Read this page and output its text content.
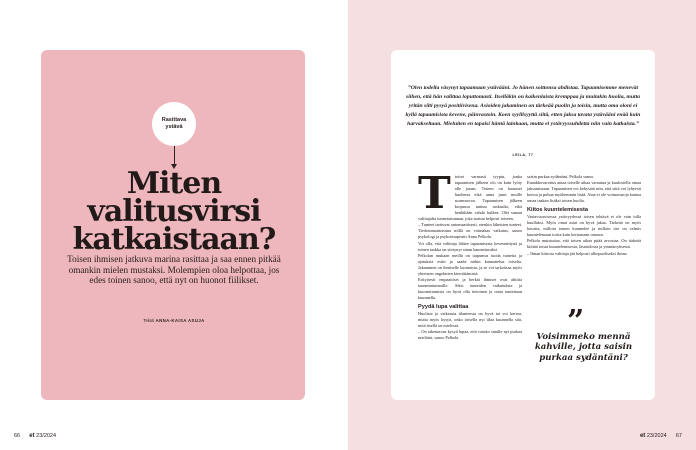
Rasittava
ystävä
Miten
valitusvirsi
katkaistaan?
Toisen ihmisen jatkuva marina rasittaa ja saa ennen pitkää omankin mielen mustaksi. Molempien oloa helpottaa, jos edes toinen sanoo, että nyt on huonot fiilikset.
Teksti ANNA-KAISA ASUJA
66 et 23/2024
”Olen todella väsynyt tapaamaan ystävääni. Jo hänen soittonsa ahdistaa. Tapaamisemme menevät siihen, että hän valittaa loputtomasti. Itselläkin on kaikenlaista kremppaa ja muitakin huolia, mutta yritän silti pysyä positiivisena. Asioiden jakaminen on tärkeää puolin ja toisin, mutta oma oloni ei kyllä tapaamisista kevene, päinvastoin. Koen syyllisyyttä siitä, etten jaksa tavata ystävääni enää kuin harvakseltaan. Mieluiten en tapaisi häntä lainkaan, mutta ei ystävyyssuhdetta niin vain katkaista.”
LEILA, 77

Ttoiset varmasti tyypin, jonka tapaamisen jälkeen olo on kuin lyöty alle junan. Toinen on kaaraset huolensa eikä anna juuri muille suunvuoroa. Tapaamisen jälkeen kropassa tuntuu raskaalta, eikä henkikään vahdu kulkea. Olet saanut valittajalta tunnetartunnan, joka tarttuu helposti toiseen.

– Tunteet tarttuvat automaattisesti, etenkin läheisten tunteet. Tiedostamattomina niillä on voimakas vaikutus, sanoo psykologi ja psykoterapeutti Anna Pelkola.

Voi olla, että valittaja lähtee tapaamisesta kevennettynä ja toinen taakka on siirtynyt sinun kannettavaksi.

Pelkolan mukaan meillä on taipumus tuoda tunteita ja ajatuksia esiin ja saada niihin kannattelua toiselta. Jakaminen on ihmiselle luontaista, ja se voi tarkoittaa myös yhteisten ongelmien kierrättämistä.

Erityisesti empaattiset ja herkät ihmiset ovat alttiita tunnetartunnoille. Siksi tunteiden vaikutuksia ja kuormittumista on hyvä olla tietoinen ja omia tunteitaan kuunnella.

Pyydä lupa valittaa

Huolista ja vaikeasta tilanteesta on hyvä tai voi kertoa, mutta myös kysyä, onko toisella nyt tilaa kuunnella sitä, mitä itsellä on mielessä.

– On rakentavaa kysyä lupaa, että voinko sinulle nyt purkaa mieltäni, sanoo Pelkola.

saisin purkaa sydäntäni, Pelkola sanoo.

Ennakkovaroitus antaa toiselle aikaa varautua ja kuulostella omaa jaksamistaan. Tapaamisen voi kehystää niin, että siitä voi lyhyesti kertoa ja puhua myöhemmin lisää. Aina ei ole voimavaroja kantaa omaa taakan lisäksi toisen huolia.

Kiitos kuuntelemisesta

Vastavuoroisessa ystävyydessä toisen tehtävä ei ole vain tulla kuulluksi. Myös omat asiat on hyvä jakaa. Tärkeää on myös havaita, milloin toinen kuuntelee ja milloin itse on valmis kuuntelemaan toista kuin kertomaan omasta.

Pelkola muistuttaa, että toisen aikaa pitää arvostaa. On tärkeää kiittää toista kuuntelemisesta, läsnäolosta ja ymmärryksestä.

– Ilman kiitosta valittaja jää helposti ulkopuoliseksi ilman

”
Voisimmeko mennä kahville, jotta saisin purkaa sydäntäni?
et 23/2024 67
